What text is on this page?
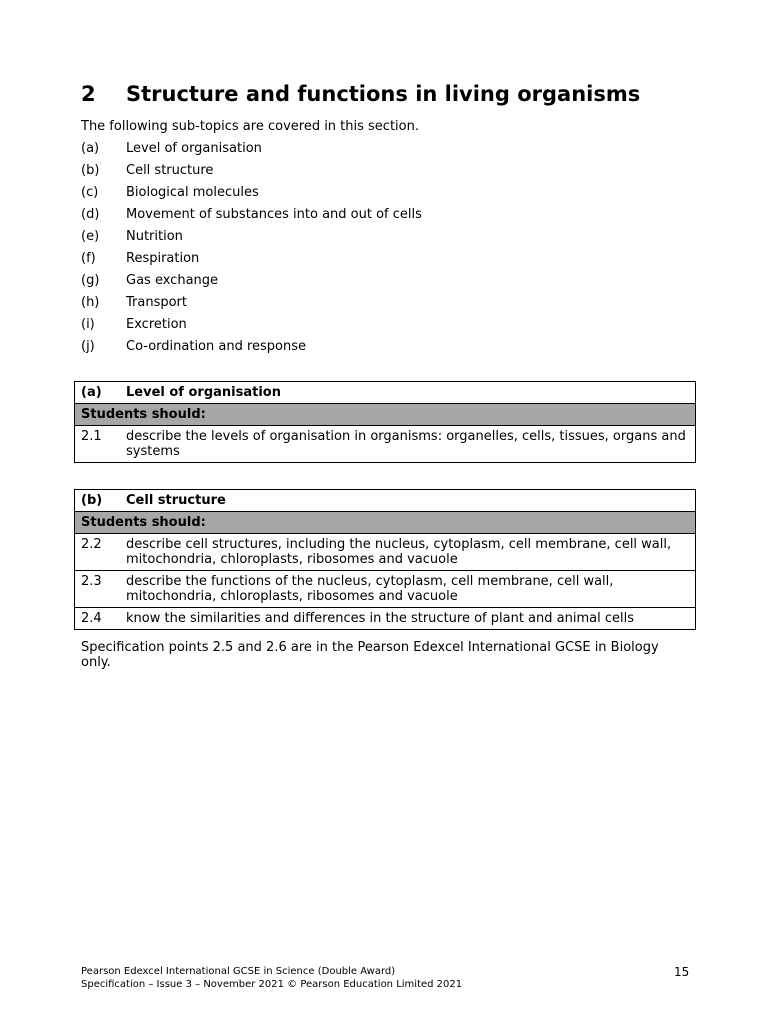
2 Structure and functions in living organisms
The following sub-topics are covered in this section.
(a) Level of organisation
(b) Cell structure
(c) Biological molecules
(d) Movement of substances into and out of cells
(e) Nutrition
(f) Respiration
(g) Gas exchange
(h) Transport
(i) Excretion
(j) Co-ordination and response
(a)	Level of organisation
Students should:	
2.1	describe the levels of organisation in organisms: organelles, cells, tissues, organs and systems
(b)	Cell structure
Students should:	
2.2	describe cell structures, including the nucleus, cytoplasm, cell membrane, cell wall, mitochondria, chloroplasts, ribosomes and vacuole
2.3	describe the functions of the nucleus, cytoplasm, cell membrane, cell wall, mitochondria, chloroplasts, ribosomes and vacuole
2.4	know the similarities and differences in the structure of plant and animal cells
Specification points 2.5 and 2.6 are in the Pearson Edexcel International GCSE in Biology only.
Pearson Edexcel International GCSE in Science (Double Award)
Specification – Issue 3 – November 2021 © Pearson Education Limited 2021
15
